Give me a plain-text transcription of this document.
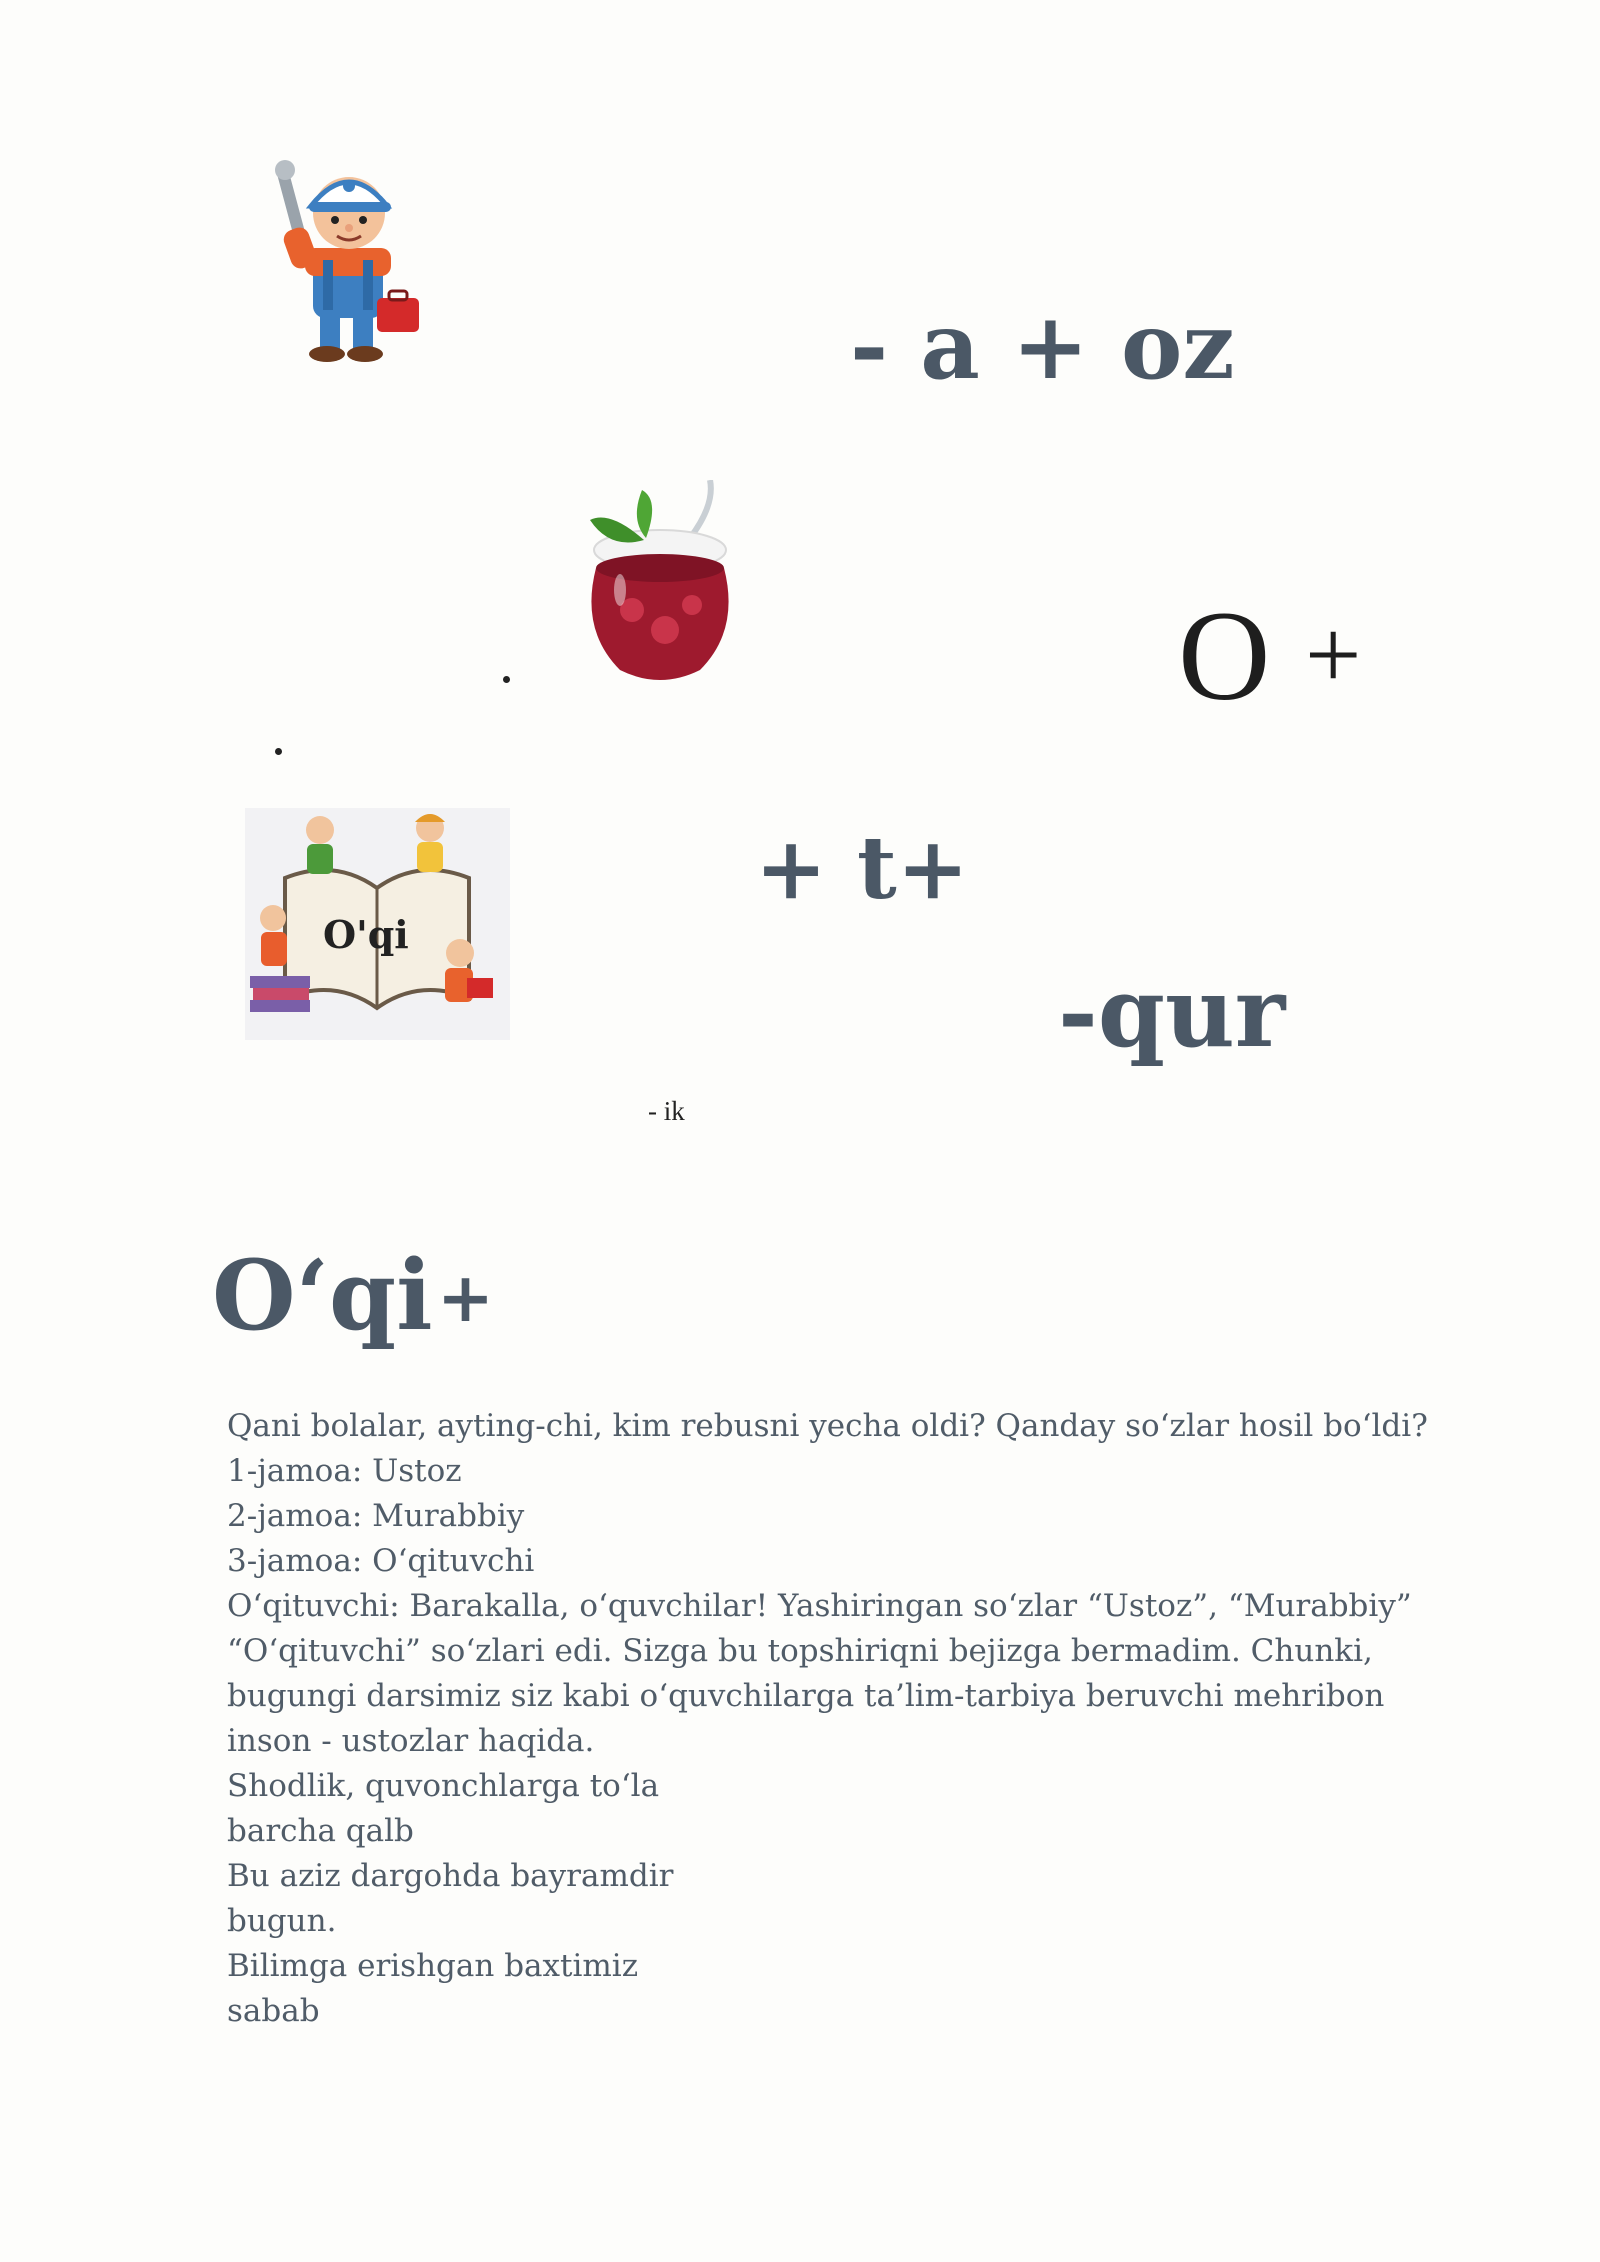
- a + oz
O +
O'qi
+ t+
-qur
- ik
O‘qi +

Qani bolalar, ayting-chi, kim rebusni yecha oldi? Qanday so‘zlar hosil bo‘ldi?

1-jamoa: Ustoz

2-jamoa: Murabbiy

3-jamoa: O‘qituvchi

O‘qituvchi: Barakalla, o‘quvchilar! Yashiringan so‘zlar “Ustoz”, “Murabbiy” “O‘qituvchi” so‘zlari edi. Sizga bu topshiriqni bejizga bermadim. Chunki, bugungi darsimiz siz kabi o‘quvchilarga ta’lim-tarbiya beruvchi mehribon inson - ustozlar haqida.

Shodlik, quvonchlarga to‘la

barcha qalb

Bu aziz dargohda bayramdir

bugun.

Bilimga erishgan baxtimiz

sabab
